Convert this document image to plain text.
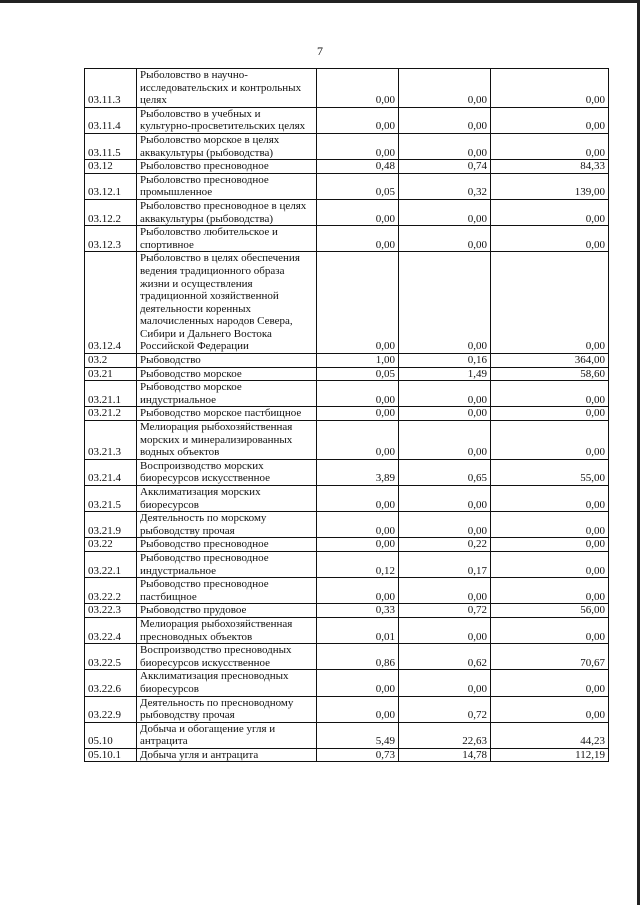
7
03.11.3	Рыболовство в научно-исследовательских и контрольных целях	0,00	0,00	0,00
03.11.4	Рыболовство в учебных и культурно-просветительских целях	0,00	0,00	0,00
03.11.5	Рыболовство морское в целях аквакультуры (рыбоводства)	0,00	0,00	0,00
03.12	Рыболовство пресноводное	0,48	0,74	84,33
03.12.1	Рыболовство пресноводное промышленное	0,05	0,32	139,00
03.12.2	Рыболовство пресноводное в целях аквакультуры (рыбоводства)	0,00	0,00	0,00
03.12.3	Рыболовство любительское и спортивное	0,00	0,00	0,00
03.12.4	Рыболовство в целях обеспечения ведения традиционного образа жизни и осуществления традиционной хозяйственной деятельности коренных малочисленных народов Севера, Сибири и Дальнего Востока Российской Федерации	0,00	0,00	0,00
03.2	Рыбоводство	1,00	0,16	364,00
03.21	Рыбоводство морское	0,05	1,49	58,60
03.21.1	Рыбоводство морское индустриальное	0,00	0,00	0,00
03.21.2	Рыбоводство морское пастбищное	0,00	0,00	0,00
03.21.3	Мелиорация рыбохозяйственная морских и минерализированных водных объектов	0,00	0,00	0,00
03.21.4	Воспроизводство морских биоресурсов искусственное	3,89	0,65	55,00
03.21.5	Акклиматизация морских биоресурсов	0,00	0,00	0,00
03.21.9	Деятельность по морскому рыбоводству прочая	0,00	0,00	0,00
03.22	Рыбоводство пресноводное	0,00	0,22	0,00
03.22.1	Рыбоводство пресноводное индустриальное	0,12	0,17	0,00
03.22.2	Рыбоводство пресноводное пастбищное	0,00	0,00	0,00
03.22.3	Рыбоводство прудовое	0,33	0,72	56,00
03.22.4	Мелиорация рыбохозяйственная пресноводных объектов	0,01	0,00	0,00
03.22.5	Воспроизводство пресноводных биоресурсов искусственное	0,86	0,62	70,67
03.22.6	Акклиматизация пресноводных биоресурсов	0,00	0,00	0,00
03.22.9	Деятельность по пресноводному рыбоводству прочая	0,00	0,72	0,00
05.10	Добыча и обогащение угля и антрацита	5,49	22,63	44,23
05.10.1	Добыча угля и антрацита	0,73	14,78	112,19
